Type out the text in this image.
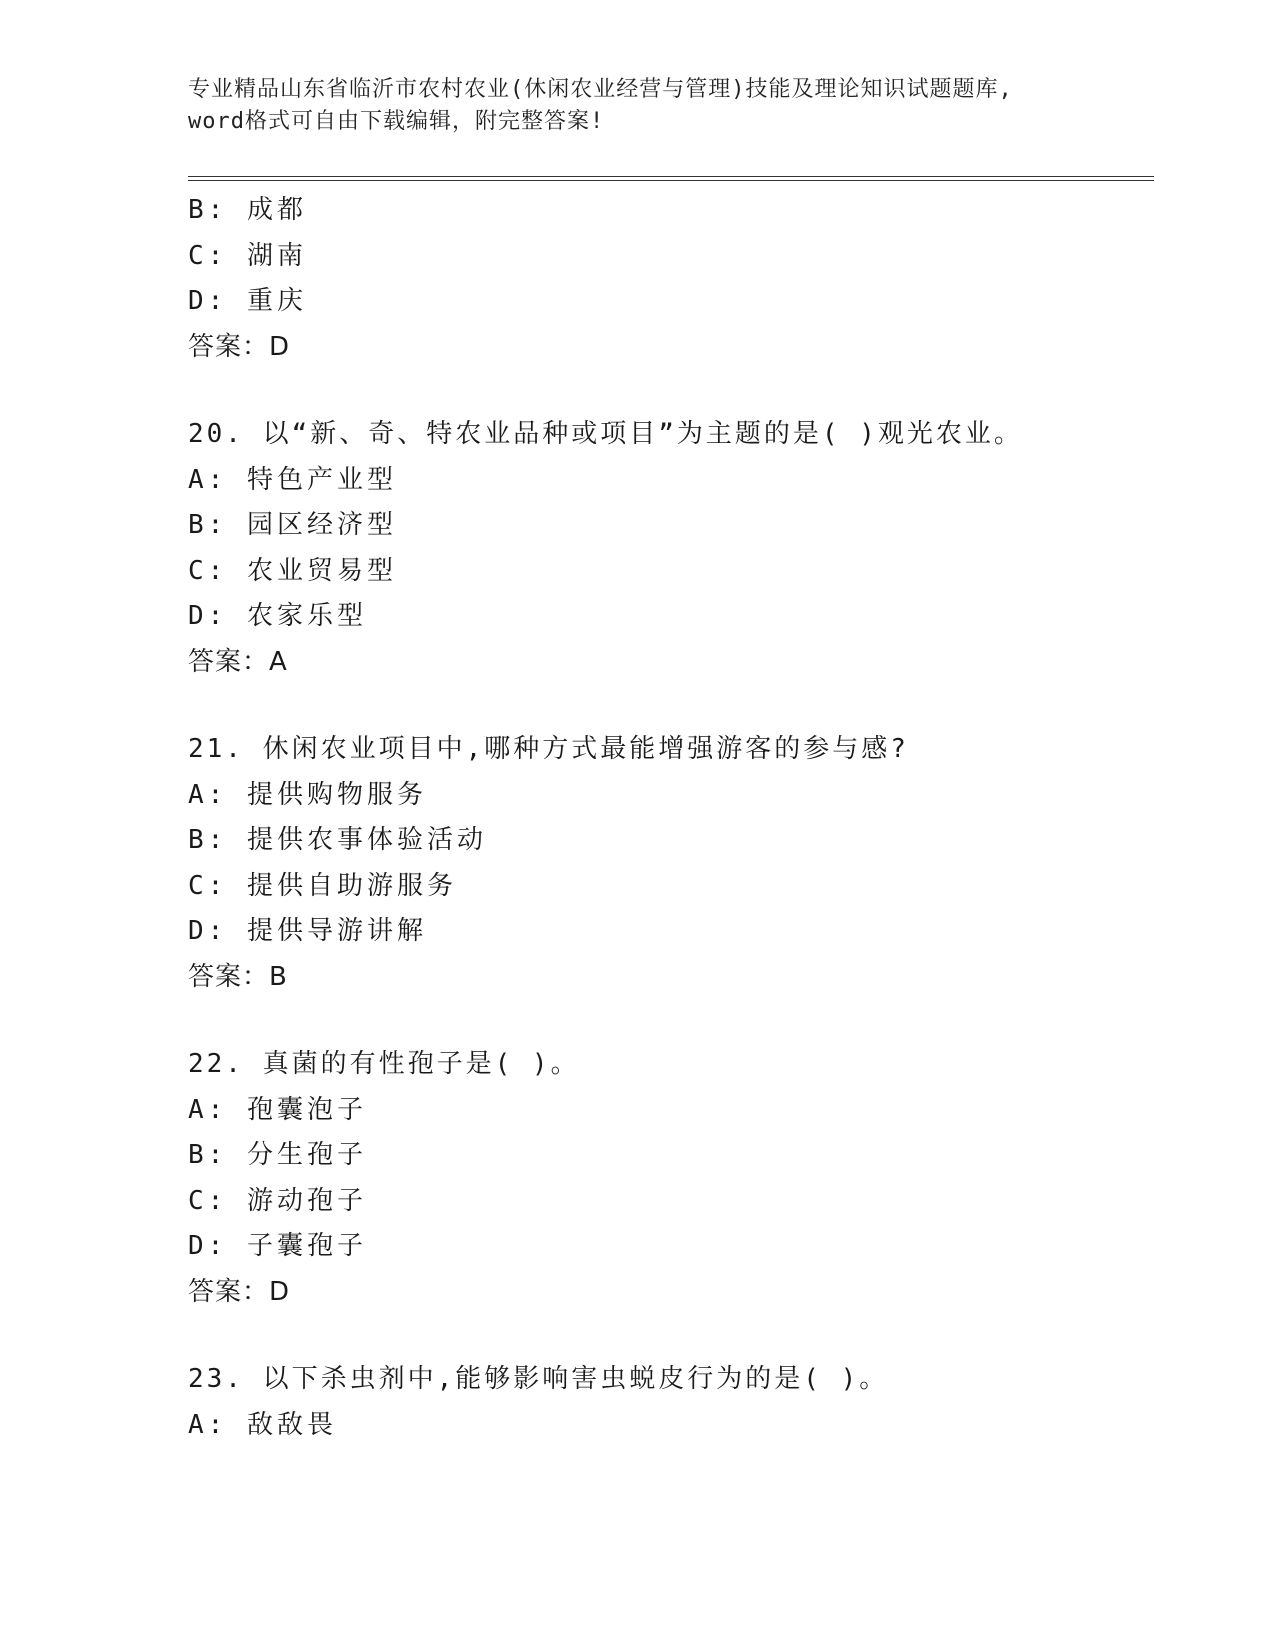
专业精品山东省临沂市农村农业(休闲农业经营与管理)技能及理论知识试题题库,
word格式可自由下载编辑，附完整答案!
B: 成都
C: 湖南
D: 重庆
答案：D
20. 以“新、奇、特农业品种或项目”为主题的是( )观光农业。
A: 特色产业型
B: 园区经济型
C: 农业贸易型
D: 农家乐型
答案：A
21. 休闲农业项目中,哪种方式最能增强游客的参与感?
A: 提供购物服务
B: 提供农事体验活动
C: 提供自助游服务
D: 提供导游讲解
答案：B
22. 真菌的有性孢子是( )。
A: 孢囊泡子
B: 分生孢子
C: 游动孢子
D: 子囊孢子
答案：D
23. 以下杀虫剂中,能够影响害虫蜕皮行为的是( )。
A: 敌敌畏
